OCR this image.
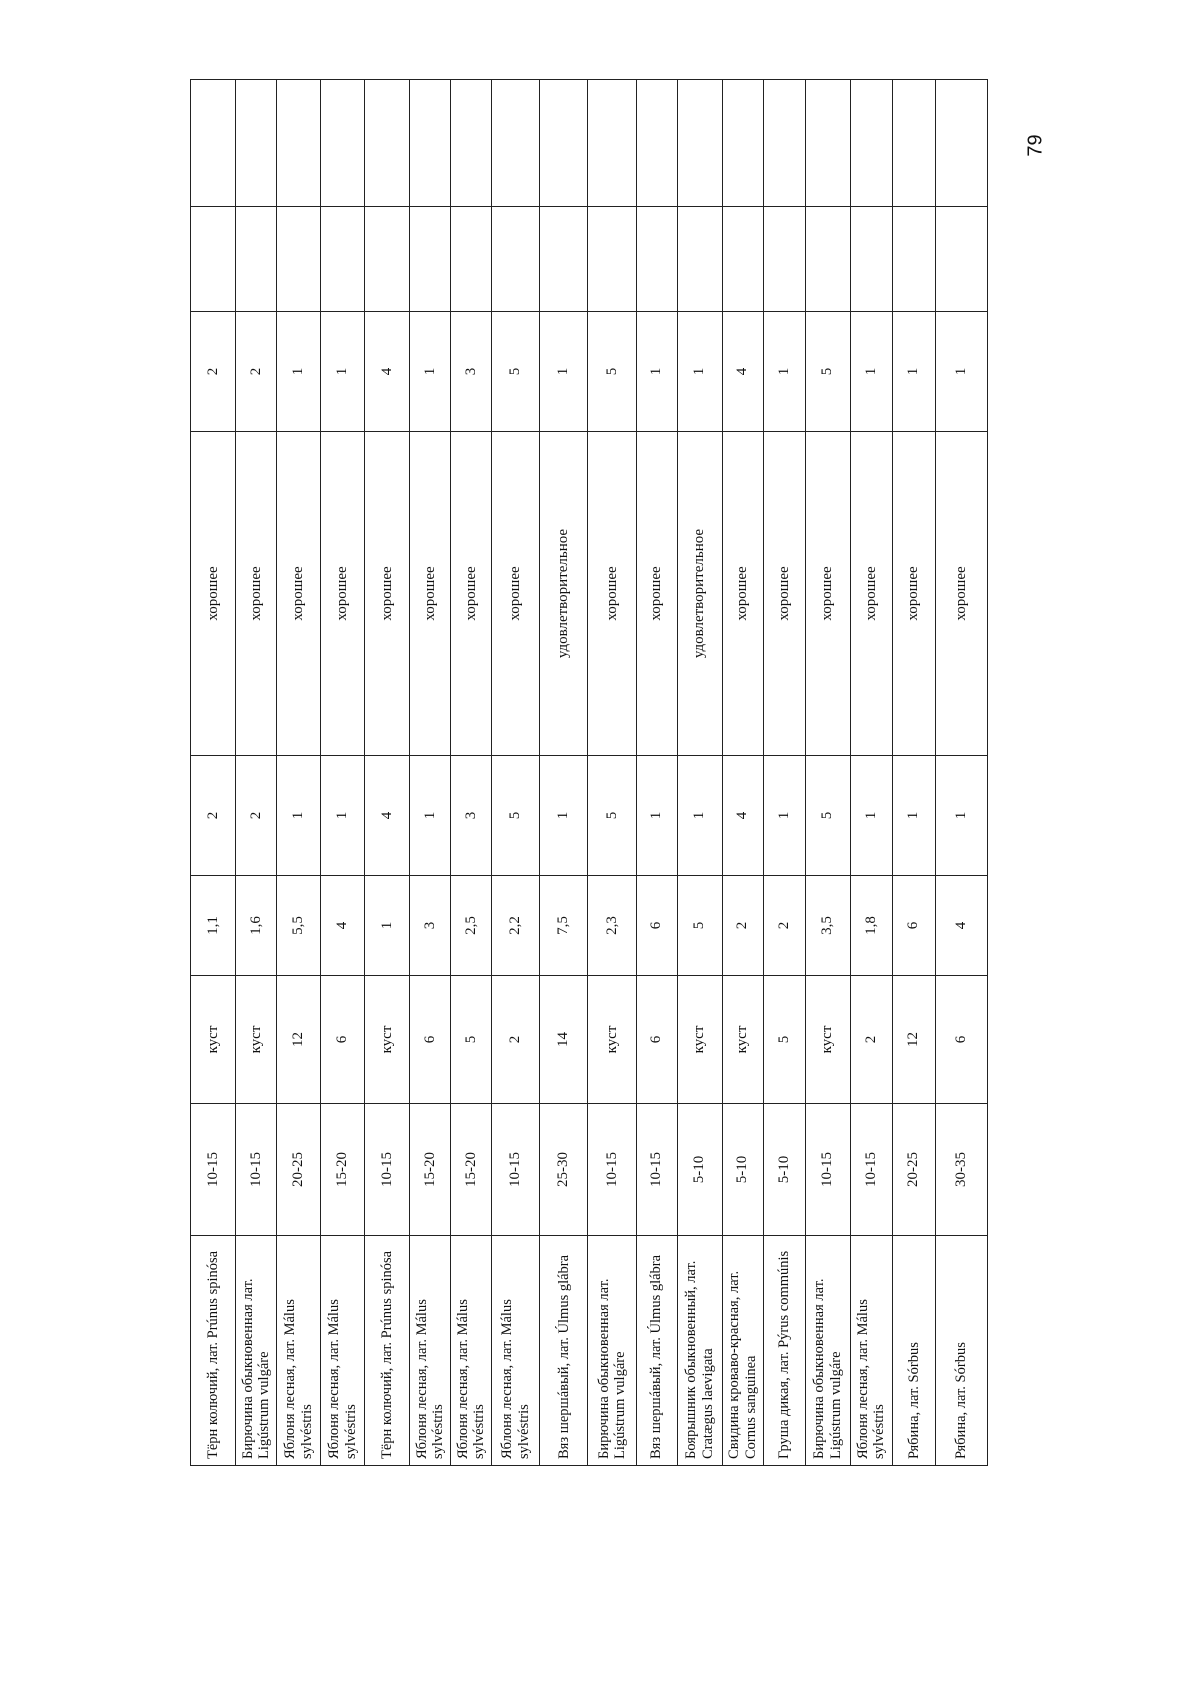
Тёрн колючий, лат. Prúnus spinósa	10-15	куст	1,1	2	хорошее	2		
Бирючина обыкновенная лат. Ligústrum vulgáre	10-15	куст	1,6	2	хорошее	2		
Яблоня лесная, лат. Málus sylvéstris	20-25	12	5,5	1	хорошее	1		
Яблоня лесная, лат. Málus sylvéstris	15-20	6	4	1	хорошее	1		
Тёрн колючий, лат. Prúnus spinósa	10-15	куст	1	4	хорошее	4		
Яблоня лесная, лат. Málus sylvéstris	15-20	6	3	1	хорошее	1		
Яблоня лесная, лат. Málus sylvéstris	15-20	5	2,5	3	хорошее	3		
Яблоня лесная, лат. Málus sylvéstris	10-15	2	2,2	5	хорошее	5		
Вяз шершáвый, лат. Úlmus glábra	25-30	14	7,5	1	удовлетворительное	1		
Бирючина обыкновенная лат. Ligústrum vulgáre	10-15	куст	2,3	5	хорошее	5		
Вяз шершáвый, лат. Úlmus glábra	10-15	6	6	1	хорошее	1		
Боярышник обыкновенный, лат. Cratægus laevigata	5-10	куст	5	1	удовлетворительное	1		
Свидина кроваво-красная, лат. Cornus sanguinea	5-10	куст	2	4	хорошее	4		
Груша дикая, лат. Pýrus commúnis	5-10	5	2	1	хорошее	1		
Бирючина обыкновенная лат. Ligústrum vulgáre	10-15	куст	3,5	5	хорошее	5		
Яблоня лесная, лат. Málus sylvéstris	10-15	2	1,8	1	хорошее	1		
Рябина, лат. Sórbus	20-25	12	6	1	хорошее	1		
Рябина, лат. Sórbus	30-35	6	4	1	хорошее	1		
79
